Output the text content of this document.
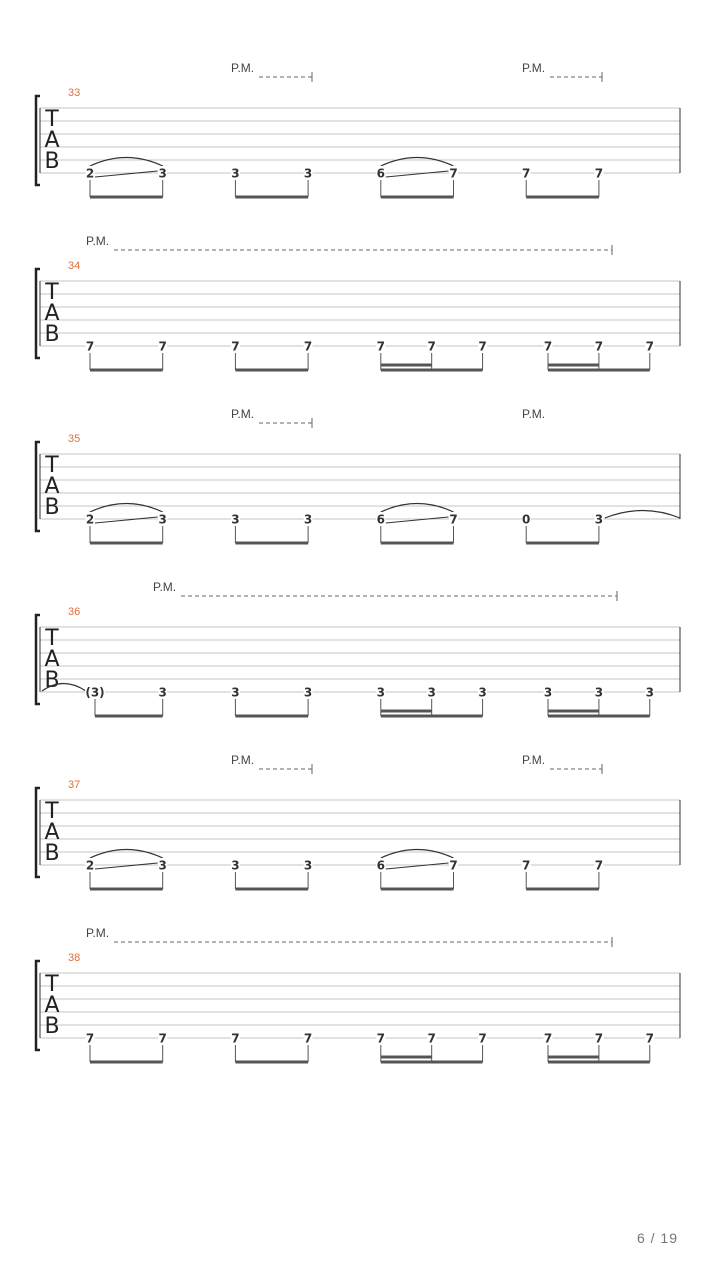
T
A
B
33
P.M.	P.M.
2	3	3	3	6	7	7	7
T
A
B
34
P.M.
7	7	7	7	7	7	7	7	7	7
T
A
B
35
P.M.	P.M.
2	3	3	3	6	7	0	3
T
A
B
36
P.M.
(3)	3	3	3	3	3	3	3	3	3
T
A
B
37
P.M.	P.M.
2	3	3	3	6	7	7	7
T
A
B
38
P.M.
7	7	7	7	7	7	7	7	7	7
6 / 19
